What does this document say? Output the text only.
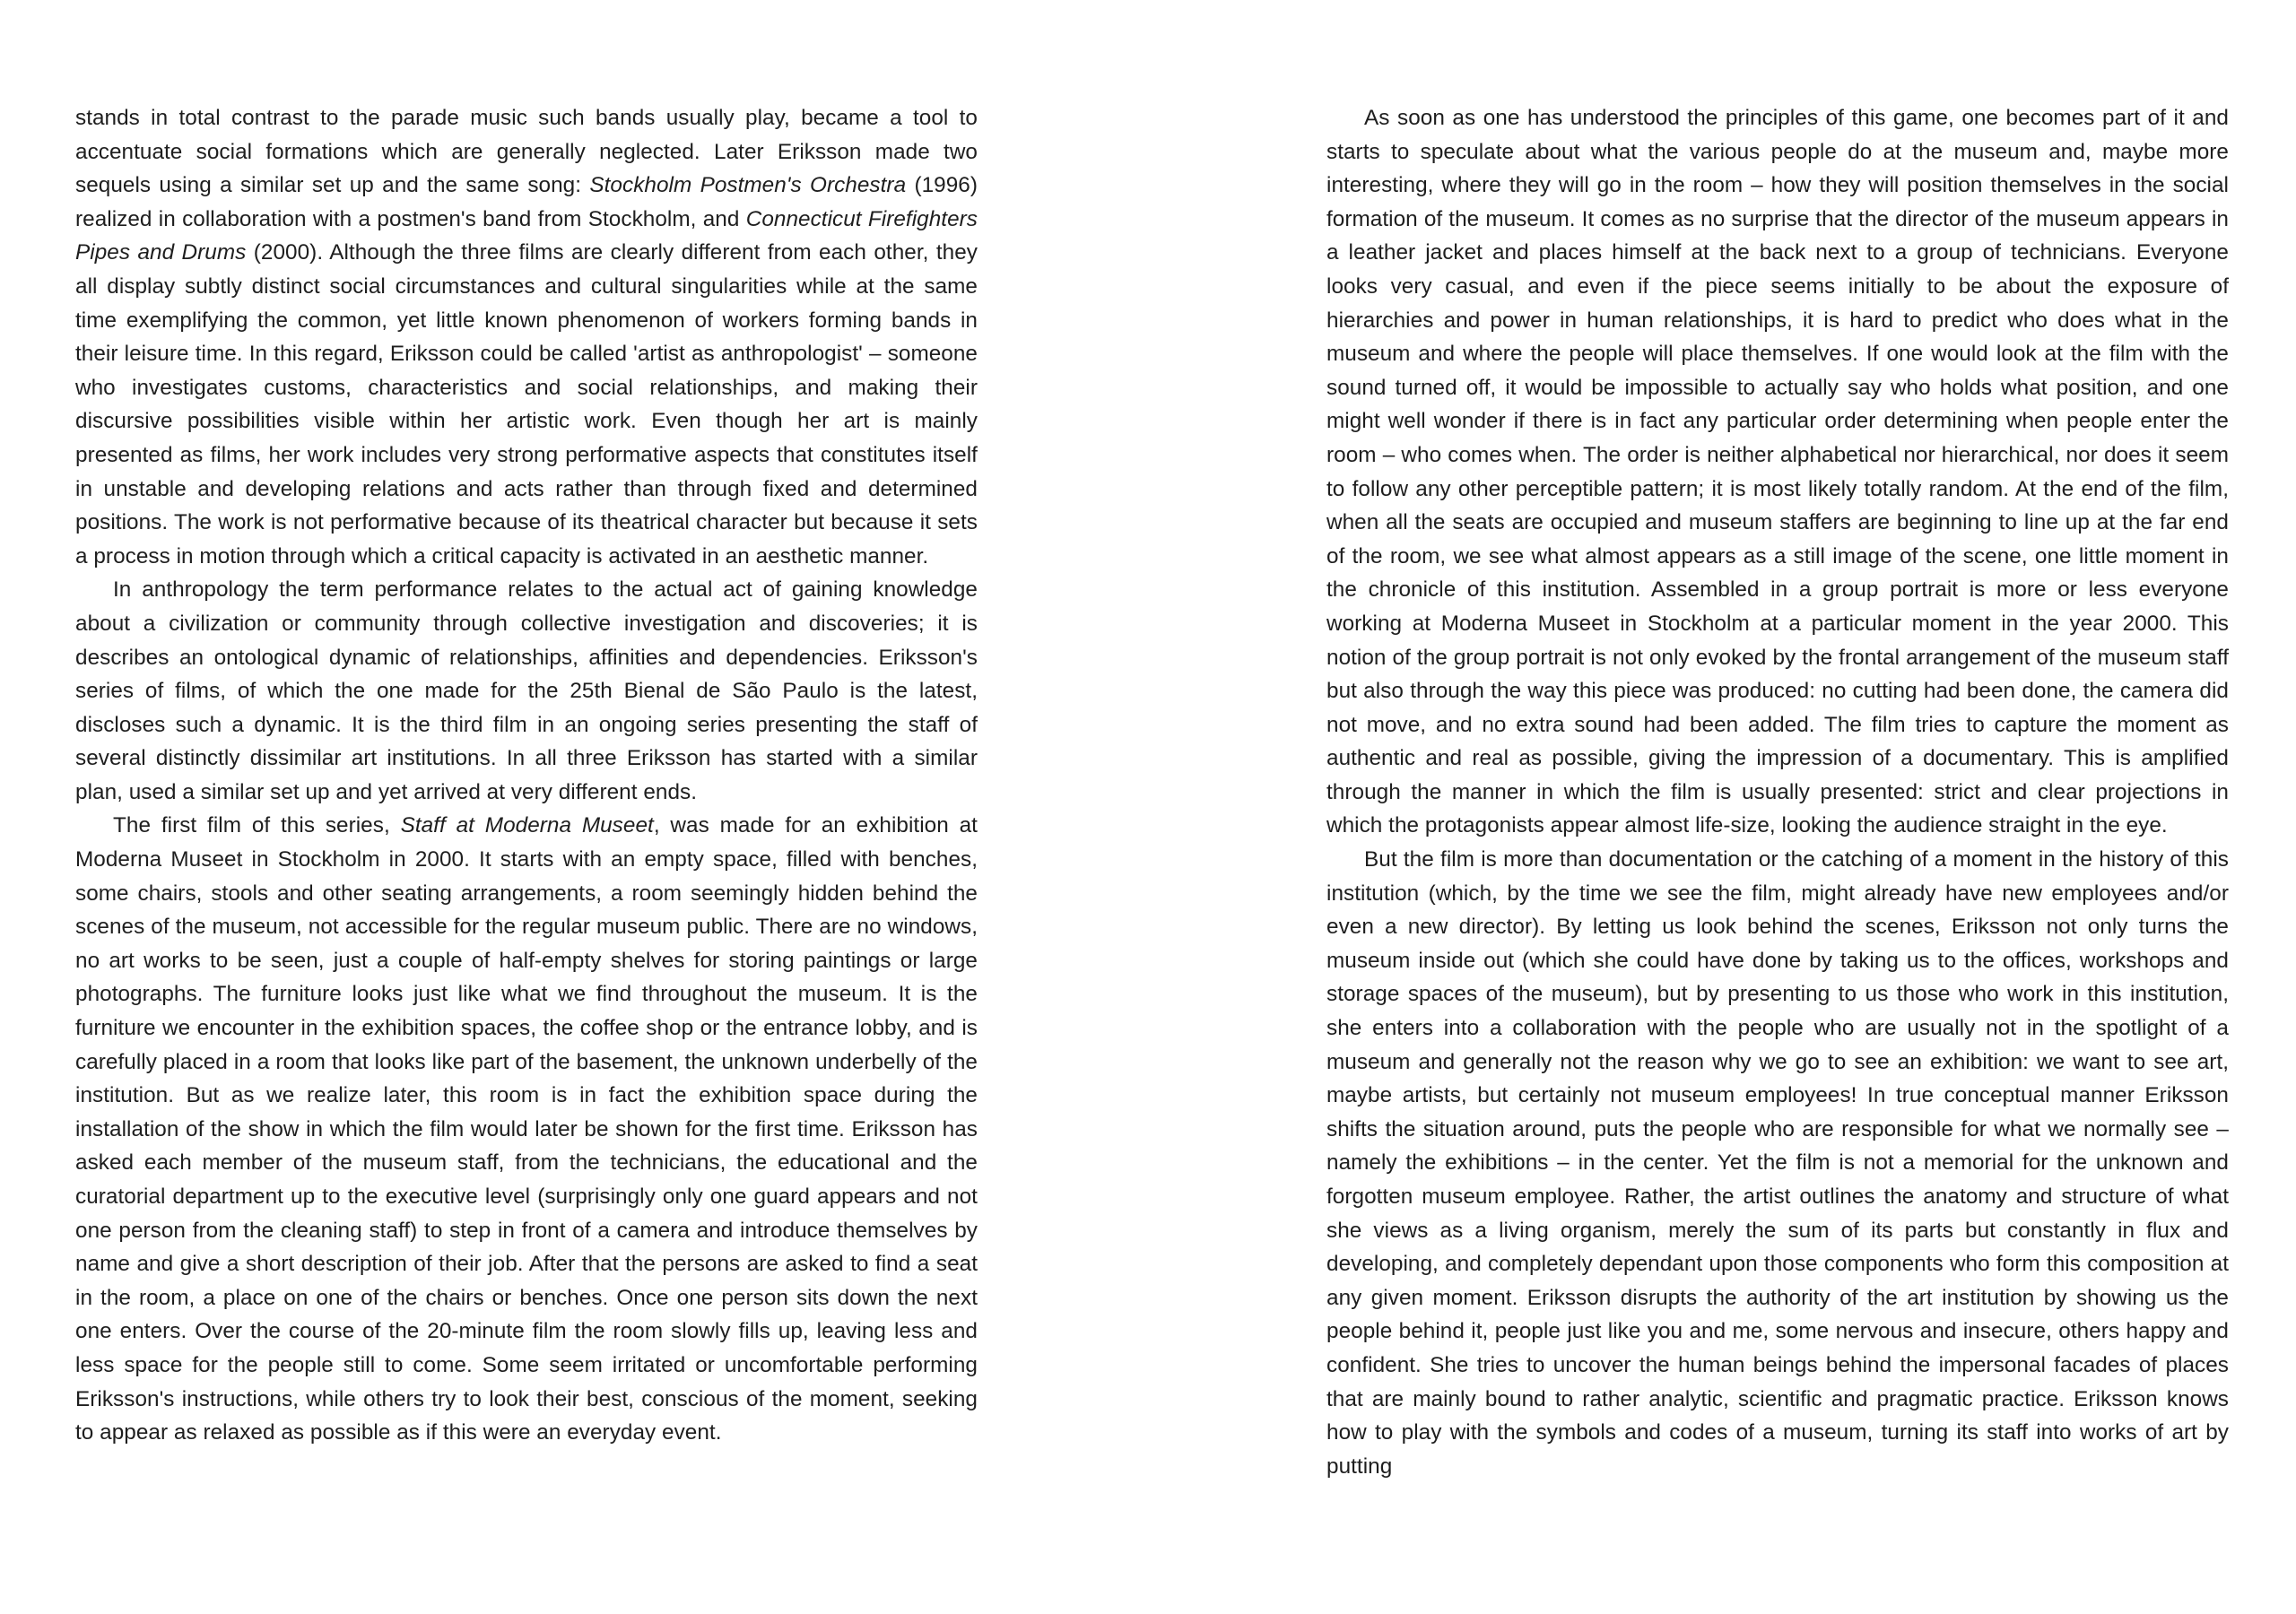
stands in total contrast to the parade music such bands usually play, became a tool to accentuate social formations which are generally neglected. Later Eriksson made two sequels using a similar set up and the same song: Stockholm Postmen's Orchestra (1996) realized in collaboration with a postmen's band from Stockholm, and Connecticut Firefighters Pipes and Drums (2000). Although the three films are clearly different from each other, they all display subtly distinct social circumstances and cultural singularities while at the same time exemplifying the common, yet little known phenomenon of workers forming bands in their leisure time. In this regard, Eriksson could be called 'artist as anthropologist' – someone who investigates customs, characteristics and social relationships, and making their discursive possibilities visible within her artistic work. Even though her art is mainly presented as films, her work includes very strong performative aspects that constitutes itself in unstable and developing relations and acts rather than through fixed and determined positions. The work is not performative because of its theatrical character but because it sets a process in motion through which a critical capacity is activated in an aesthetic manner.

In anthropology the term performance relates to the actual act of gaining knowledge about a civilization or community through collective investigation and discoveries; it is describes an ontological dynamic of relationships, affinities and dependencies. Eriksson's series of films, of which the one made for the 25th Bienal de São Paulo is the latest, discloses such a dynamic. It is the third film in an ongoing series presenting the staff of several distinctly dissimilar art institutions. In all three Eriksson has started with a similar plan, used a similar set up and yet arrived at very different ends.

The first film of this series, Staff at Moderna Museet, was made for an exhibition at Moderna Museet in Stockholm in 2000. It starts with an empty space, filled with benches, some chairs, stools and other seating arrangements, a room seemingly hidden behind the scenes of the museum, not accessible for the regular museum public. There are no windows, no art works to be seen, just a couple of half-empty shelves for storing paintings or large photographs. The furniture looks just like what we find throughout the museum. It is the furniture we encounter in the exhibition spaces, the coffee shop or the entrance lobby, and is carefully placed in a room that looks like part of the basement, the unknown underbelly of the institution. But as we realize later, this room is in fact the exhibition space during the installation of the show in which the film would later be shown for the first time. Eriksson has asked each member of the museum staff, from the technicians, the educational and the curatorial department up to the executive level (surprisingly only one guard appears and not one person from the cleaning staff) to step in front of a camera and introduce themselves by name and give a short description of their job. After that the persons are asked to find a seat in the room, a place on one of the chairs or benches. Once one person sits down the next one enters. Over the course of the 20-minute film the room slowly fills up, leaving less and less space for the people still to come. Some seem irritated or uncomfortable performing Eriksson's instructions, while others try to look their best, conscious of the moment, seeking to appear as relaxed as possible as if this were an everyday event.

As soon as one has understood the principles of this game, one becomes part of it and starts to speculate about what the various people do at the museum and, maybe more interesting, where they will go in the room – how they will position themselves in the social formation of the museum. It comes as no surprise that the director of the museum appears in a leather jacket and places himself at the back next to a group of technicians. Everyone looks very casual, and even if the piece seems initially to be about the exposure of hierarchies and power in human relationships, it is hard to predict who does what in the museum and where the people will place themselves. If one would look at the film with the sound turned off, it would be impossible to actually say who holds what position, and one might well wonder if there is in fact any particular order determining when people enter the room – who comes when. The order is neither alphabetical nor hierarchical, nor does it seem to follow any other perceptible pattern; it is most likely totally random. At the end of the film, when all the seats are occupied and museum staffers are beginning to line up at the far end of the room, we see what almost appears as a still image of the scene, one little moment in the chronicle of this institution. Assembled in a group portrait is more or less everyone working at Moderna Museet in Stockholm at a particular moment in the year 2000. This notion of the group portrait is not only evoked by the frontal arrangement of the museum staff but also through the way this piece was produced: no cutting had been done, the camera did not move, and no extra sound had been added. The film tries to capture the moment as authentic and real as possible, giving the impression of a documentary. This is amplified through the manner in which the film is usually presented: strict and clear projections in which the protagonists appear almost life-size, looking the audience straight in the eye.

But the film is more than documentation or the catching of a moment in the history of this institution (which, by the time we see the film, might already have new employees and/or even a new director). By letting us look behind the scenes, Eriksson not only turns the museum inside out (which she could have done by taking us to the offices, workshops and storage spaces of the museum), but by presenting to us those who work in this institution, she enters into a collaboration with the people who are usually not in the spotlight of a museum and generally not the reason why we go to see an exhibition: we want to see art, maybe artists, but certainly not museum employees! In true conceptual manner Eriksson shifts the situation around, puts the people who are responsible for what we normally see – namely the exhibitions – in the center. Yet the film is not a memorial for the unknown and forgotten museum employee. Rather, the artist outlines the anatomy and structure of what she views as a living organism, merely the sum of its parts but constantly in flux and developing, and completely dependant upon those components who form this composition at any given moment. Eriksson disrupts the authority of the art institution by showing us the people behind it, people just like you and me, some nervous and insecure, others happy and confident. She tries to uncover the human beings behind the impersonal facades of places that are mainly bound to rather analytic, scientific and pragmatic practice. Eriksson knows how to play with the symbols and codes of a museum, turning its staff into works of art by putting
